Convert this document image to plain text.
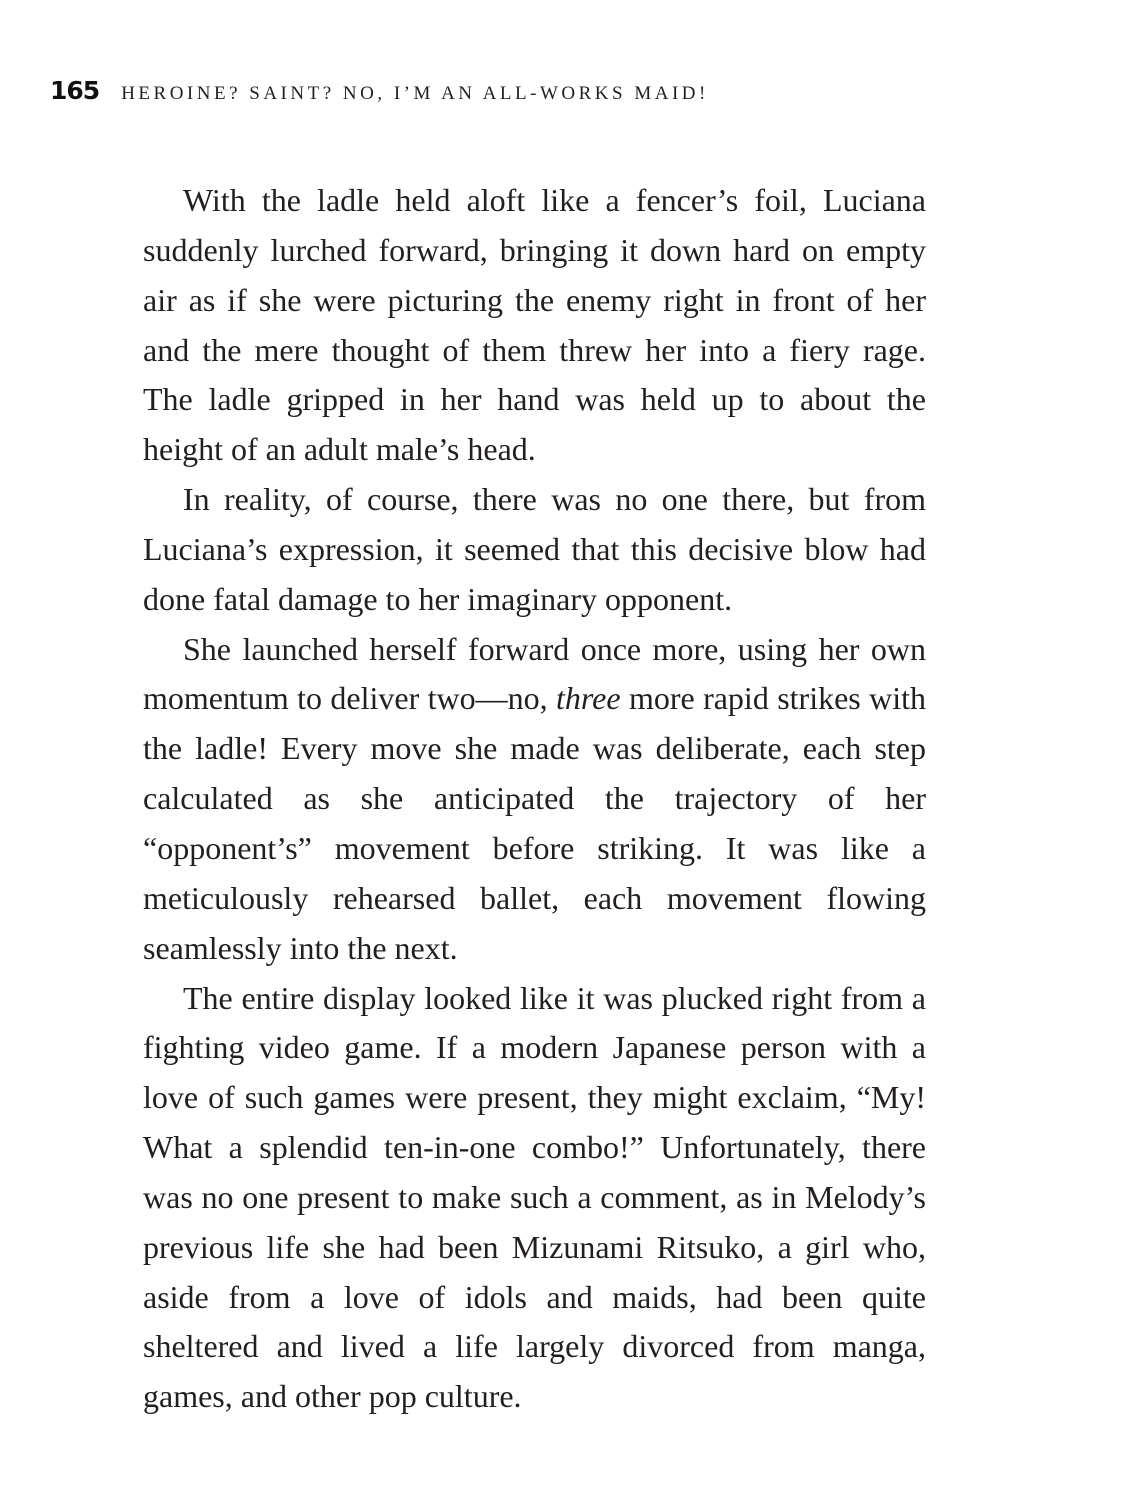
165 HEROINE? SAINT? NO, I’M AN ALL-WORKS MAID!

With the ladle held aloft like a fencer’s foil, Luciana suddenly lurched forward, bringing it down hard on empty air as if she were picturing the enemy right in front of her and the mere thought of them threw her into a fiery rage. The ladle gripped in her hand was held up to about the height of an adult male’s head.

In reality, of course, there was no one there, but from Luciana’s expression, it seemed that this decisive blow had done fatal damage to her imaginary opponent.

She launched herself forward once more, using her own momentum to deliver two—no, three more rapid strikes with the ladle! Every move she made was deliberate, each step calculated as she anticipated the trajectory of her “opponent’s” movement before striking. It was like a meticulously rehearsed ballet, each movement flowing seamlessly into the next.

The entire display looked like it was plucked right from a fighting video game. If a modern Japanese person with a love of such games were present, they might exclaim, “My! What a splendid ten-in-one combo!” Unfortunately, there was no one present to make such a comment, as in Melody’s previous life she had been Mizunami Ritsuko, a girl who, aside from a love of idols and maids, had been quite sheltered and lived a life largely divorced from manga, games, and other pop culture.
